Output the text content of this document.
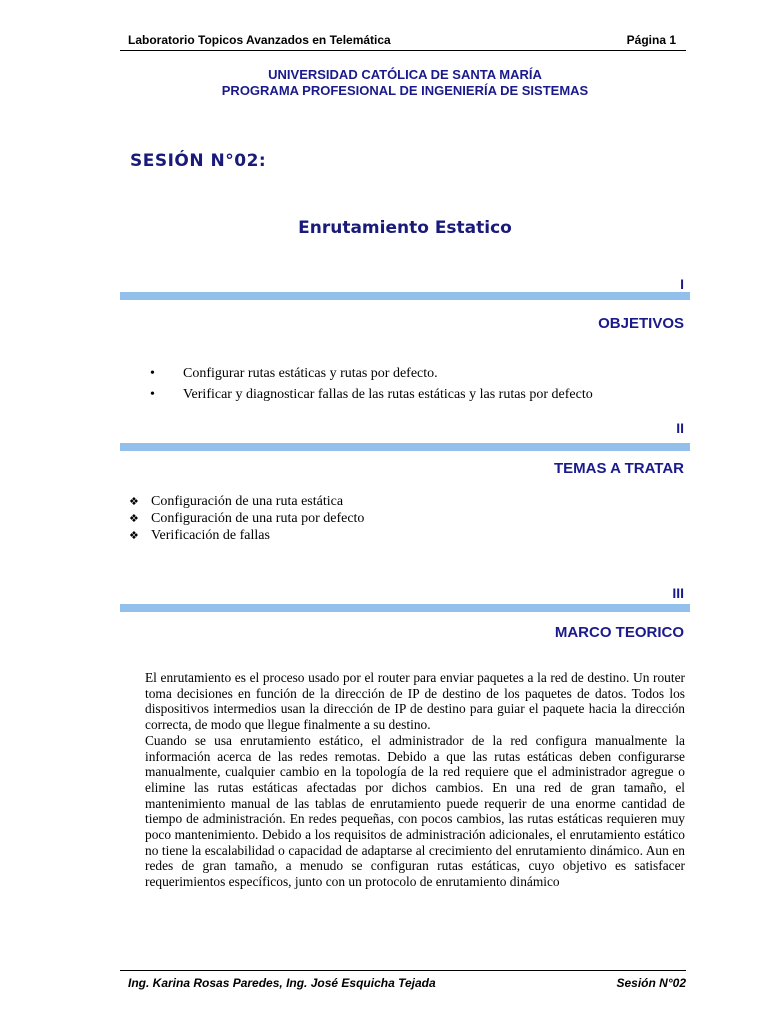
Laboratorio Topicos Avanzados en Telemática	Página 1
UNIVERSIDAD CATÓLICA DE SANTA MARÍA
PROGRAMA PROFESIONAL DE INGENIERÍA DE SISTEMAS
SESIÓN N°02:
Enrutamiento Estatico
I
OBJETIVOS
• Configurar rutas estáticas y rutas por defecto.
• Verificar y diagnosticar fallas de las rutas estáticas y las rutas por defecto
II
TEMAS A TRATAR
❖ Configuración de una ruta estática
❖ Configuración de una ruta por defecto
❖ Verificación de fallas
III
MARCO TEORICO

El enrutamiento es el proceso usado por el router para enviar paquetes a la red de destino. Un router toma decisiones en función de la dirección de IP de destino de los paquetes de datos. Todos los dispositivos intermedios usan la dirección de IP de destino para guiar el paquete hacia la dirección correcta, de modo que llegue finalmente a su destino.

Cuando se usa enrutamiento estático, el administrador de la red configura manualmente la información acerca de las redes remotas. Debido a que las rutas estáticas deben configurarse manualmente, cualquier cambio en la topología de la red requiere que el administrador agregue o elimine las rutas estáticas afectadas por dichos cambios. En una red de gran tamaño, el mantenimiento manual de las tablas de enrutamiento puede requerir de una enorme cantidad de tiempo de administración. En redes pequeñas, con pocos cambios, las rutas estáticas requieren muy poco mantenimiento. Debido a los requisitos de administración adicionales, el enrutamiento estático no tiene la escalabilidad o capacidad de adaptarse al crecimiento del enrutamiento dinámico. Aun en redes de gran tamaño, a menudo se configuran rutas estáticas, cuyo objetivo es satisfacer requerimientos específicos, junto con un protocolo de enrutamiento dinámico

Ing. Karina Rosas Paredes, Ing. José Esquicha Tejada	Sesión N°02
